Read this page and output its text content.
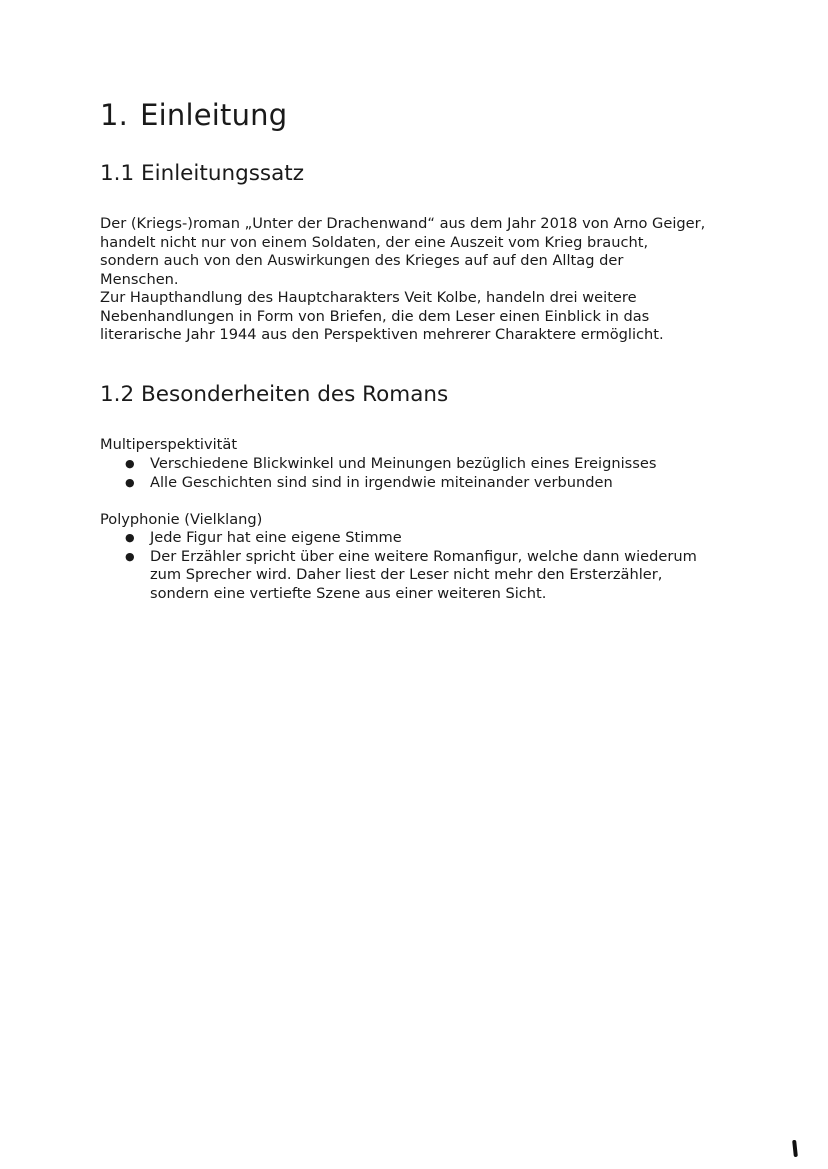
1. Einleitung
1.1 Einleitungssatz

Der (Kriegs-)roman „Unter der Drachenwand“ aus dem Jahr 2018 von Arno Geiger,
handelt nicht nur von einem Soldaten, der eine Auszeit vom Krieg braucht,
sondern auch von den Auswirkungen des Krieges auf auf den Alltag der
Menschen.
Zur Haupthandlung des Hauptcharakters Veit Kolbe, handeln drei weitere
Nebenhandlungen in Form von Briefen, die dem Leser einen Einblick in das
literarische Jahr 1944 aus den Perspektiven mehrerer Charaktere ermöglicht.

1.2 Besonderheiten des Romans

Multiperspektivität

● Verschiedene Blickwinkel und Meinungen bezüglich eines Ereignisses
● Alle Geschichten sind sind in irgendwie miteinander verbunden

Polyphonie (Vielklang)

● Jede Figur hat eine eigene Stimme
● Der Erzähler spricht über eine weitere Romanfigur, welche dann wiederum
zum Sprecher wird. Daher liest der Leser nicht mehr den Ersterzähler,
sondern eine vertiefte Szene aus einer weiteren Sicht.
